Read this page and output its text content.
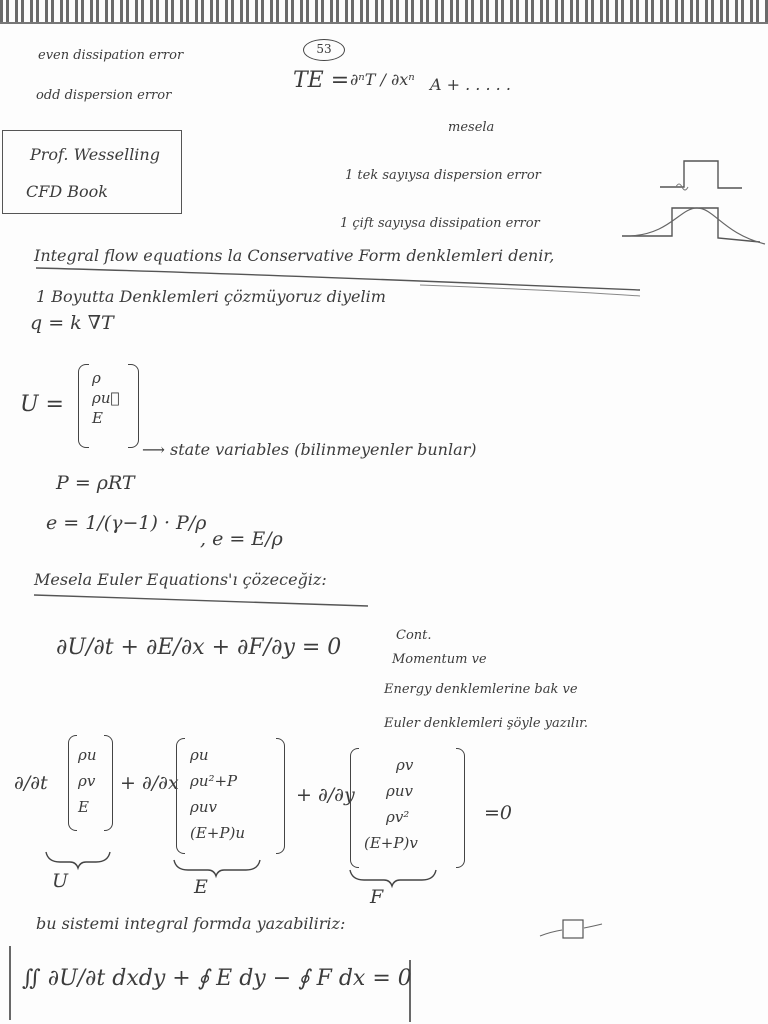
53
even dissipation error
odd dispersion error
TE = ∂ⁿT / ∂xⁿ A + . . . . .
mesela
Prof. Wesselling
CFD Book
1 tek sayıysa dispersion error
1 çift sayıysa dissipation error
Integral flow equations la Conservative Form denklemleri denir,
1 Boyutta Denklemleri çözmüyoruz diyelim
q = k ∇T
U =
ρ
ρu⃗
E
⟶ state variables (bilinmeyenler bunlar)
P = ρRT
e = 1/(γ−1) · P/ρ
, e = E/ρ
Mesela Euler Equations'ı çözeceğiz:
∂U/∂t + ∂E/∂x + ∂F/∂y = 0	Cont.
Momentum ve
Energy denklemlerine bak ve
Euler denklemleri şöyle yazılır.
∂/∂t
ρu
ρv
E
+ ∂/∂x
ρu
ρu²+P
ρuv
(E+P)u
+ ∂/∂y
ρv
ρuv
ρv²
(E+P)v
=0
U	E	F
bu sistemi integral formda yazabiliriz:
∬ ∂U/∂t dxdy + ∮ E dy − ∮ F dx = 0
